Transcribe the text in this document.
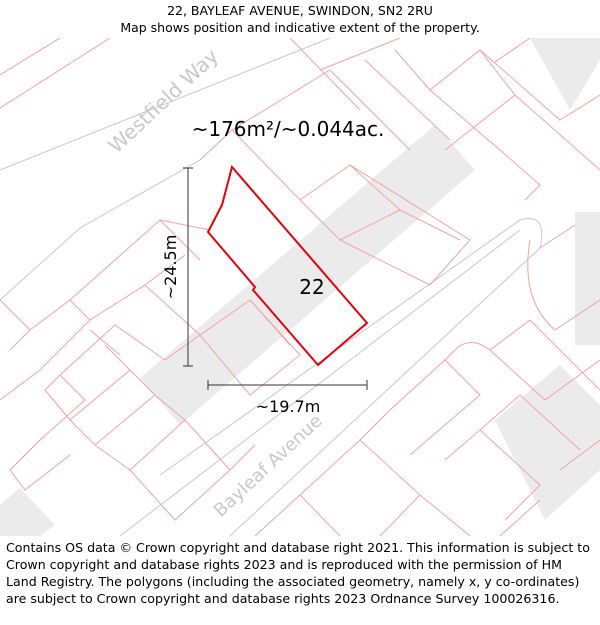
22, BAYLEAF AVENUE, SWINDON, SN2 2RU
Map shows position and indicative extent of the property.
Westfield Way
Bayleaf Avenue
~176m²/~0.044ac.
22
~24.5m
~19.7m
Contains OS data © Crown copyright and database right 2021. This information is subject to Crown copyright and database rights 2023 and is reproduced with the permission of HM Land Registry. The polygons (including the associated geometry, namely x, y co-ordinates) are subject to Crown copyright and database rights 2023 Ordnance Survey 100026316.
